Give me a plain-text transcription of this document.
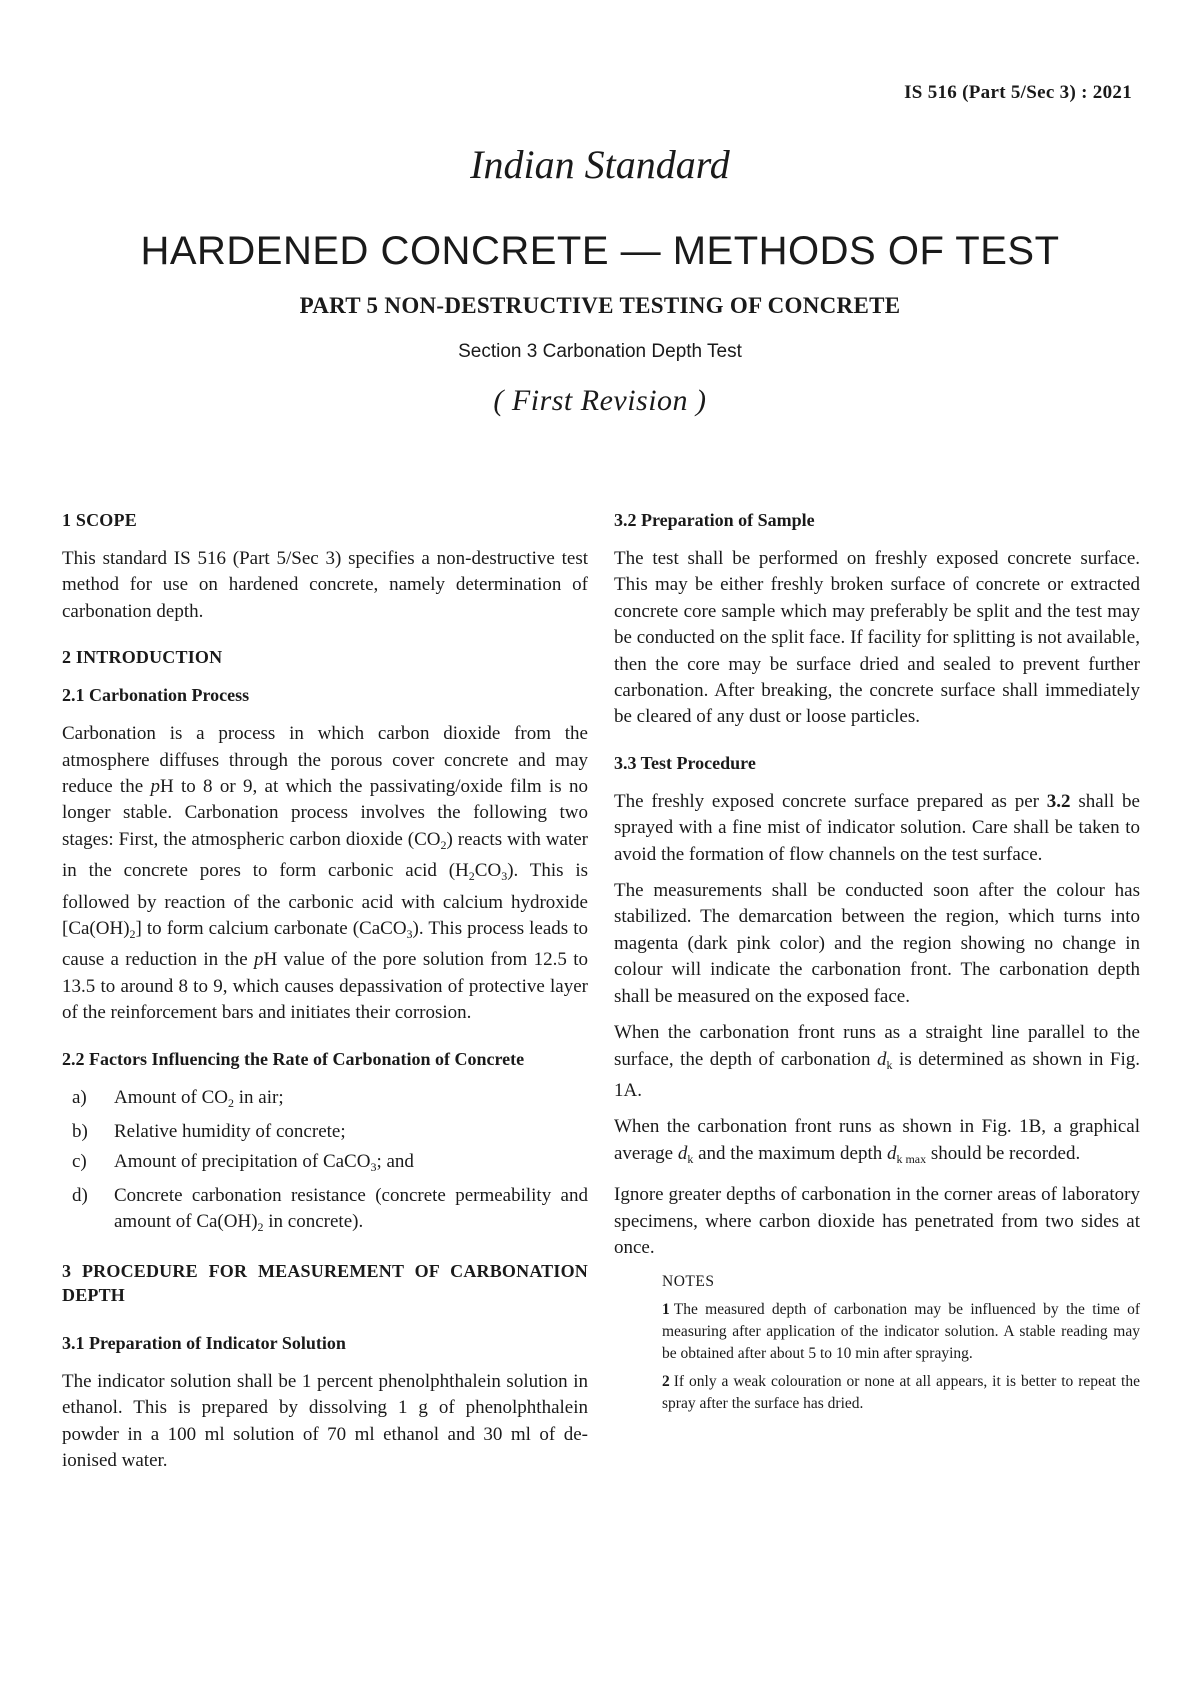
IS 516 (Part 5/Sec 3) : 2021
Indian Standard
HARDENED CONCRETE — METHODS OF TEST
PART 5 NON-DESTRUCTIVE TESTING OF CONCRETE
Section 3 Carbonation Depth Test
( First Revision )
1 SCOPE

This standard IS 516 (Part 5/Sec 3) specifies a non-destructive test method for use on hardened concrete, namely determination of carbonation depth.

2 INTRODUCTION
2.1 Carbonation Process

Carbonation is a process in which carbon dioxide from the atmosphere diffuses through the porous cover concrete and may reduce the pH to 8 or 9, at which the passivating/oxide film is no longer stable. Carbonation process involves the following two stages: First, the atmospheric carbon dioxide $(CO_2)$ reacts with water in the concrete pores to form carbonic acid $(H_2CO_3)$. This is followed by reaction of the carbonic acid with calcium hydroxide $[Ca(OH)_2]$ to form calcium carbonate (CaCO$_3$). This process leads to cause a reduction in the pH value of the pore solution from 12.5 to 13.5 to around 8 to 9, which causes depassivation of protective layer of the reinforcement bars and initiates their corrosion.

2.2 Factors Influencing the Rate of Carbonation of Concrete
a)	Amount of $CO_2$ in air;
b)	Relative humidity of concrete;
c)	Amount of precipitation of CaCO$_3$; and
d)	Concrete carbonation resistance (concrete permeability and amount of $Ca(OH)_2$ in concrete).
3 PROCEDURE FOR MEASUREMENT OF CARBONATION DEPTH
3.1 Preparation of Indicator Solution

The indicator solution shall be 1 percent phenolphthalein solution in ethanol. This is prepared by dissolving 1 g of phenolphthalein powder in a 100 ml solution of 70 ml ethanol and 30 ml of de-ionised water.

3.2 Preparation of Sample

The test shall be performed on freshly exposed concrete surface. This may be either freshly broken surface of concrete or extracted concrete core sample which may preferably be split and the test may be conducted on the split face. If facility for splitting is not available, then the core may be surface dried and sealed to prevent further carbonation. After breaking, the concrete surface shall immediately be cleared of any dust or loose particles.

3.3 Test Procedure

The freshly exposed concrete surface prepared as per 3.2 shall be sprayed with a fine mist of indicator solution. Care shall be taken to avoid the formation of flow channels on the test surface.

The measurements shall be conducted soon after the colour has stabilized. The demarcation between the region, which turns into magenta (dark pink color) and the region showing no change in colour will indicate the carbonation front. The carbonation depth shall be measured on the exposed face.

When the carbonation front runs as a straight line parallel to the surface, the depth of carbonation $d_k$ is determined as shown in Fig. 1A.

When the carbonation front runs as shown in Fig. 1B, a graphical average $d_k$ and the maximum depth $d_{k max}$ should be recorded.

Ignore greater depths of carbonation in the corner areas of laboratory specimens, where carbon dioxide has penetrated from two sides at once.

NOTES

1 The measured depth of carbonation may be influenced by the time of measuring after application of the indicator solution. A stable reading may be obtained after about 5 to 10 min after spraying.

2 If only a weak colouration or none at all appears, it is better to repeat the spray after the surface has dried.
